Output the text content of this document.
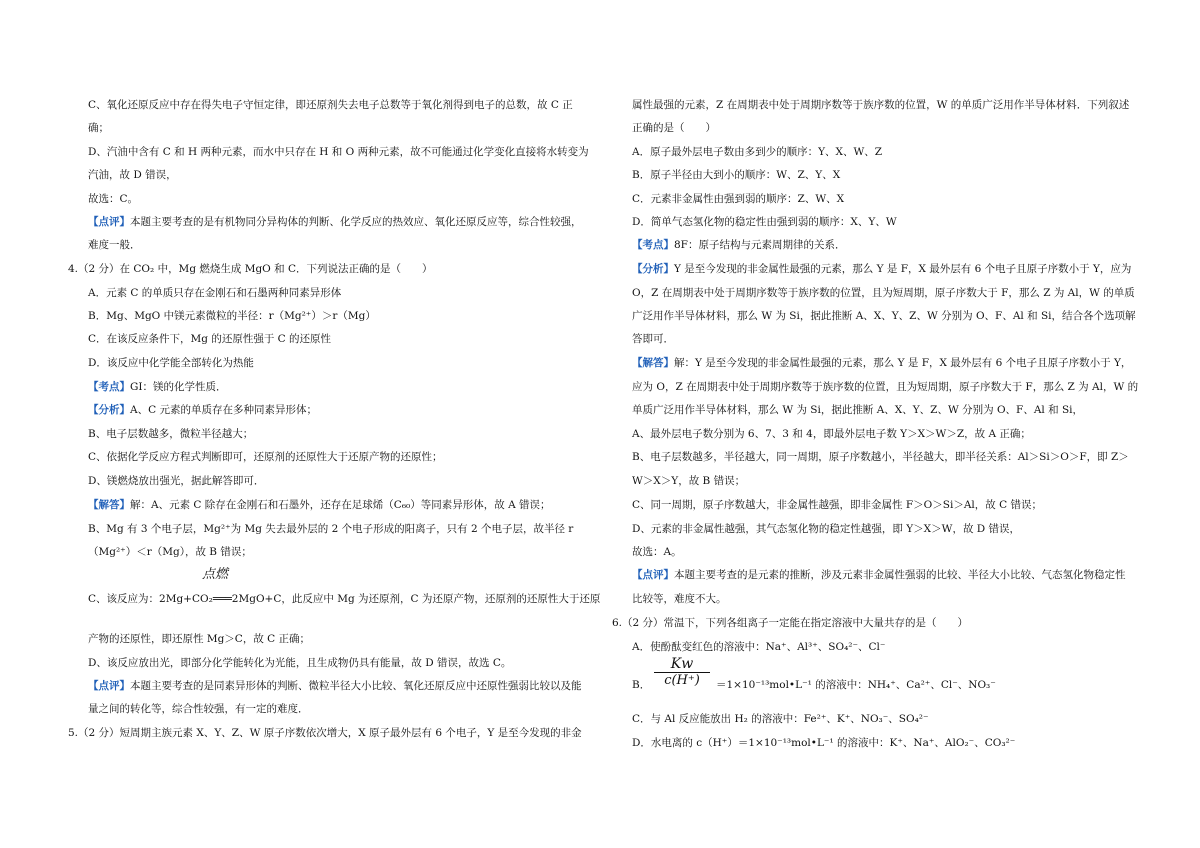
C、氧化还原反应中存在得失电子守恒定律，即还原剂失去电子总数等于氧化剂得到电子的总数，故 C 正
确；
D、汽油中含有 C 和 H 两种元素，而水中只存在 H 和 O 两种元素，故不可能通过化学变化直接将水转变为
汽油，故 D 错误，
故选：C。
【点评】本题主要考查的是有机物同分异构体的判断、化学反应的热效应、氧化还原反应等，综合性较强，
难度一般．
4.（2 分）在 CO₂ 中，Mg 燃烧生成 MgO 和 C．下列说法正确的是（　　）
A．元素 C 的单质只存在金刚石和石墨两种同素异形体
B．Mg、MgO 中镁元素微粒的半径：r（Mg²⁺）＞r（Mg）
C．在该反应条件下，Mg 的还原性强于 C 的还原性
D．该反应中化学能全部转化为热能
【考点】GI：镁的化学性质．
【分析】A、C 元素的单质存在多种同素异形体；
B、电子层数越多，微粒半径越大；
C、依据化学反应方程式判断即可，还原剂的还原性大于还原产物的还原性；
D、镁燃烧放出强光，据此解答即可．
【解答】解：A、元素 C 除存在金刚石和石墨外，还存在足球烯（C₆₀）等同素异形体，故 A 错误；
B、Mg 有 3 个电子层，Mg²⁺为 Mg 失去最外层的 2 个电子形成的阳离子，只有 2 个电子层，故半径 r
（Mg²⁺）＜r（Mg），故 B 错误；
点燃
C、该反应为：2Mg+CO₂═══2MgO+C，此反应中 Mg 为还原剂，C 为还原产物，还原剂的还原性大于还原
产物的还原性，即还原性 Mg＞C，故 C 正确；
D、该反应放出光，即部分化学能转化为光能，且生成物仍具有能量，故 D 错误，故选 C。
【点评】本题主要考查的是同素异形体的判断、微粒半径大小比较、氧化还原反应中还原性强弱比较以及能
量之间的转化等，综合性较强，有一定的难度．
5.（2 分）短周期主族元素 X、Y、Z、W 原子序数依次增大，X 原子最外层有 6 个电子，Y 是至今发现的非金
属性最强的元素，Z 在周期表中处于周期序数等于族序数的位置，W 的单质广泛用作半导体材料．下列叙述
正确的是（　　）
A．原子最外层电子数由多到少的顺序：Y、X、W、Z
B．原子半径由大到小的顺序：W、Z、Y、X
C．元素非金属性由强到弱的顺序：Z、W、X
D．简单气态氢化物的稳定性由强到弱的顺序：X、Y、W
【考点】8F：原子结构与元素周期律的关系．
【分析】Y 是至今发现的非金属性最强的元素，那么 Y 是 F，X 最外层有 6 个电子且原子序数小于 Y，应为
O，Z 在周期表中处于周期序数等于族序数的位置，且为短周期，原子序数大于 F，那么 Z 为 Al，W 的单质
广泛用作半导体材料，那么 W 为 Si，据此推断 A、X、Y、Z、W 分别为 O、F、Al 和 Si，结合各个选项解
答即可．
【解答】解：Y 是至今发现的非金属性最强的元素，那么 Y 是 F，X 最外层有 6 个电子且原子序数小于 Y，
应为 O，Z 在周期表中处于周期序数等于族序数的位置，且为短周期，原子序数大于 F，那么 Z 为 Al，W 的
单质广泛用作半导体材料，那么 W 为 Si，据此推断 A、X、Y、Z、W 分别为 O、F、Al 和 Si，
A、最外层电子数分别为 6、7、3 和 4，即最外层电子数 Y＞X＞W＞Z，故 A 正确；
B、电子层数越多，半径越大，同一周期，原子序数越小，半径越大，即半径关系：Al＞Si＞O＞F，即 Z＞
W＞X＞Y，故 B 错误；
C、同一周期，原子序数越大，非金属性越强，即非金属性 F＞O＞Si＞Al，故 C 错误；
D、元素的非金属性越强，其气态氢化物的稳定性越强，即 Y＞X＞W，故 D 错误，
故选：A。
【点评】本题主要考查的是元素的推断，涉及元素非金属性强弱的比较、半径大小比较、气态氢化物稳定性
比较等，难度不大。
6.（2 分）常温下，下列各组离子一定能在指定溶液中大量共存的是（　　）
A．使酚酞变红色的溶液中：Na⁺、Al³⁺、SO₄²⁻、Cl⁻
B．
Kw
c(H⁺)	＝1×10⁻¹³mol•L⁻¹ 的溶液中：NH₄⁺、Ca²⁺、Cl⁻、NO₃⁻
C．与 Al 反应能放出 H₂ 的溶液中：Fe²⁺、K⁺、NO₃⁻、SO₄²⁻
D．水电离的 c（H⁺）＝1×10⁻¹³mol•L⁻¹ 的溶液中：K⁺、Na⁺、AlO₂⁻、CO₃²⁻
